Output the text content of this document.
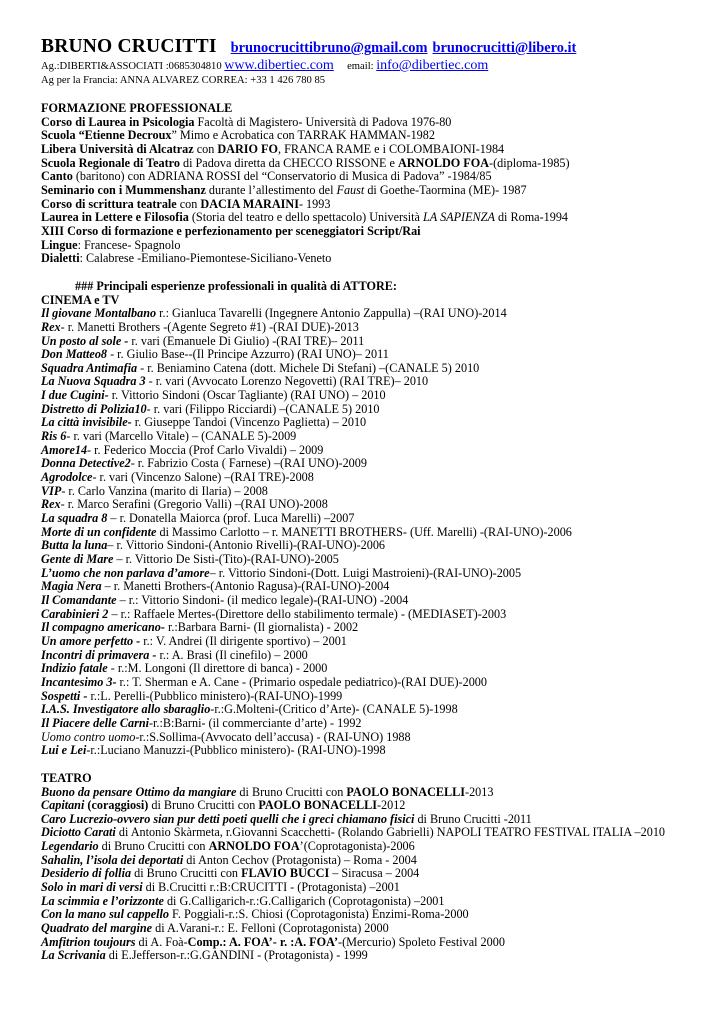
BRUNO CRUCITTI brunocrucittibruno@gmail.com brunocrucitti@libero.it
Ag.:DIBERTI&ASSOCIATI :0685304810 www.dibertiec.com email: info@dibertiec.com
Ag per la Francia: ANNA ALVAREZ CORREA: +33 1 426 780 85
FORMAZIONE PROFESSIONALE
Corso di Laurea in Psicologia Facoltà di Magistero- Università di Padova 1976-80
Scuola “Etienne Decroux” Mimo e Acrobatica con TARRAK HAMMAN-1982
Libera Università di Alcatraz con DARIO FO, FRANCA RAME e i COLOMBAIONI-1984
Scuola Regionale di Teatro di Padova diretta da CHECCO RISSONE e ARNOLDO FOA-(diploma-1985)
Canto (baritono) con ADRIANA ROSSI del “Conservatorio di Musica di Padova” -1984/85
Seminario con i Mummenshanz durante l’allestimento del Faust di Goethe-Taormina (ME)- 1987
Corso di scrittura teatrale con DACIA MARAINI- 1993
Laurea in Lettere e Filosofia (Storia del teatro e dello spettacolo) Università LA SAPIENZA di Roma-1994
XIII Corso di formazione e perfezionamento per sceneggiatori Script/Rai
Lingue: Francese- Spagnolo
Dialetti: Calabrese -Emiliano-Piemontese-Siciliano-Veneto
### Principali esperienze professionali in qualità di ATTORE:
CINEMA e TV
Il giovane Montalbano r.: Gianluca Tavarelli (Ingegnere Antonio Zappulla) –(RAI UNO)-2014
Rex- r. Manetti Brothers -(Agente Segreto #1) -(RAI DUE)-2013
Un posto al sole - r. vari (Emanuele Di Giulio) -(RAI TRE)– 2011
Don Matteo8 - r. Giulio Base--(Il Principe Azzurro) (RAI UNO)– 2011
Squadra Antimafia - r. Beniamino Catena (dott. Michele Di Stefani) –(CANALE 5) 2010
La Nuova Squadra 3 - r. vari (Avvocato Lorenzo Negovetti) (RAI TRE)– 2010
I due Cugini- r. Vittorio Sindoni (Oscar Tagliante) (RAI UNO) – 2010
Distretto di Polizia10- r. vari (Filippo Ricciardi) –(CANALE 5) 2010
La città invisibile- r. Giuseppe Tandoi (Vincenzo Paglietta) – 2010
Ris 6- r. vari (Marcello Vitale) – (CANALE 5)-2009
Amore14- r. Federico Moccia (Prof Carlo Vivaldi) – 2009
Donna Detective2- r. Fabrizio Costa ( Farnese) –(RAI UNO)-2009
Agrodolce- r. vari (Vincenzo Salone) –(RAI TRE)-2008
VIP- r. Carlo Vanzina (marito di Ilaria) – 2008
Rex- r. Marco Serafini (Gregorio Valli) –(RAI UNO)-2008
La squadra 8 – r. Donatella Maiorca (prof. Luca Marelli) –2007
Morte di un confidente di Massimo Carlotto – r. MANETTI BROTHERS- (Uff. Marelli) -(RAI-UNO)-2006
Butta la luna– r. Vittorio Sindoni-(Antonio Rivelli)-(RAI-UNO)-2006
Gente di Mare – r. Vittorio De Sisti-(Tito)-(RAI-UNO)-2005
L’uomo che non parlava d’amore– r. Vittorio Sindoni-(Dott. Luigi Mastroieni)-(RAI-UNO)-2005
Magia Nera – r. Manetti Brothers-(Antonio Ragusa)-(RAI-UNO)-2004
Il Comandante – r.: Vittorio Sindoni- (il medico legale)-(RAI-UNO) -2004
Carabinieri 2 – r.: Raffaele Mertes-(Direttore dello stabilimento termale) - (MEDIASET)-2003
Il compagno americano- r.:Barbara Barni- (Il giornalista) - 2002
Un amore perfetto - r.: V. Andrei (Il dirigente sportivo) – 2001
Incontri di primavera - r.: A. Brasi (Il cinefilo) – 2000
Indizio fatale - r.:M. Longoni (Il direttore di banca) - 2000
Incantesimo 3- r.: T. Sherman e A. Cane - (Primario ospedale pediatrico)-(RAI DUE)-2000
Sospetti - r.:L. Perelli-(Pubblico ministero)-(RAI-UNO)-1999
I.A.S. Investigatore allo sbaraglio-r.:G.Molteni-(Critico d’Arte)- (CANALE 5)-1998
Il Piacere delle Carni-r.:B:Barni- (il commerciante d’arte) - 1992
Uomo contro uomo-r.:S.Sollima-(Avvocato dell’accusa) - (RAI-UNO) 1988
Lui e Lei-r.:Luciano Manuzzi-(Pubblico ministero)- (RAI-UNO)-1998
TEATRO
Buono da pensare Ottimo da mangiare di Bruno Crucitti con PAOLO BONACELLI-2013
Capitani (coraggiosi) di Bruno Crucitti con PAOLO BONACELLI-2012
Caro Lucrezio-ovvero sian pur detti poeti quelli che i greci chiamano fisici di Bruno Crucitti -2011
Diciotto Carati di Antonio Skàrmeta, r.Giovanni Scacchetti- (Rolando Gabrielli) NAPOLI TEATRO FESTIVAL ITALIA –2010
Legendario di Bruno Crucitti con ARNOLDO FOA’(Coprotagonista)-2006
Sahalin, l’isola dei deportati di Anton Cechov (Protagonista) – Roma - 2004
Desiderio di follia di Bruno Crucitti con FLAVIO BUCCI – Siracusa – 2004
Solo in mari di versi di B.Crucitti r.:B:CRUCITTI - (Protagonista) –2001
La scimmia e l’orizzonte di G.Calligarich-r.:G.Calligarich (Coprotagonista) –2001
Con la mano sul cappello F. Poggiali-r.:S. Chiosi (Coprotagonista) Enzimi-Roma-2000
Quadrato del margine di A.Varani-r.: E. Felloni (Coprotagonista) 2000
Amfitrion toujours di A. Foà-Comp.: A. FOA’- r. :A. FOA’-(Mercurio) Spoleto Festival 2000
La Scrivania di E.Jefferson-r.:G.GANDINI - (Protagonista) - 1999
